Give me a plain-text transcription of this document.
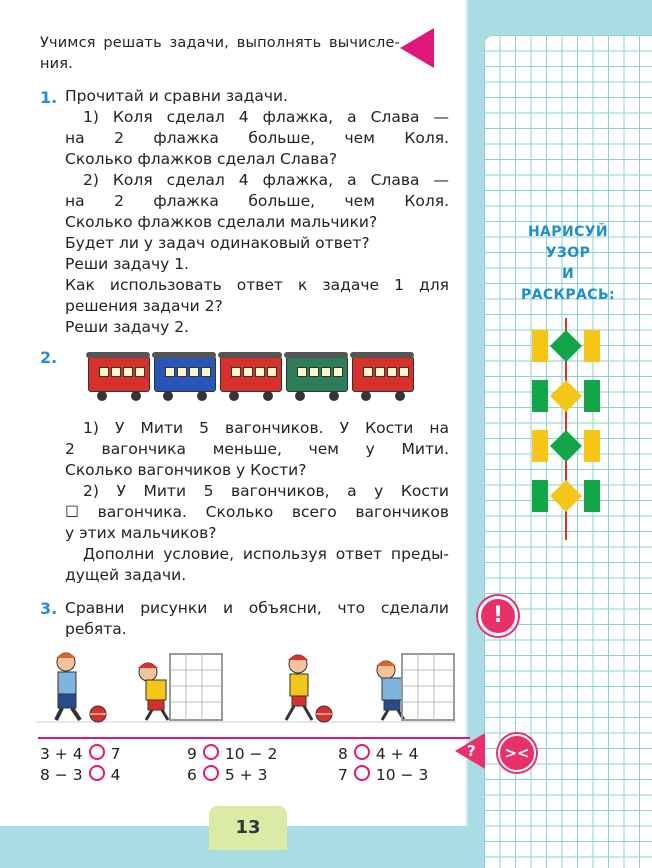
Учимся решать задачи, выполнять вычисле- ния.
1. Прочитай и сравни задачи.

1) Коля сделал 4 флажка, а Слава —

на 2 флажка больше, чем Коля.

Сколько флажков сделал Слава?

2) Коля сделал 4 флажка, а Слава —

на 2 флажка больше, чем Коля.

Сколько флажков сделали мальчики?

Будет ли у задач одинаковый ответ?

Реши задачу 1.

Как использовать ответ к задаче 1 для

решения задачи 2?

Реши задачу 2.

2.

1) У Мити 5 вагончиков. У Кости на

2 вагончика меньше, чем у Мити.

Сколько вагончиков у Кости?

2) У Мити 5 вагончиков, а у Кости

☐ вагончика. Сколько всего вагончиков

у этих мальчиков?

Дополни условие, используя ответ преды-

дущей задачи.

3. Сравни рисунки и объясни, что сделали

ребята.

3 + 4 7
8 − 3 4
9 10 − 2
6 5 + 3
8 4 + 4
7 10 − 3
НАРИСУЙ
УЗОР
И
РАСКРАСЬ:
!
?	><
13
